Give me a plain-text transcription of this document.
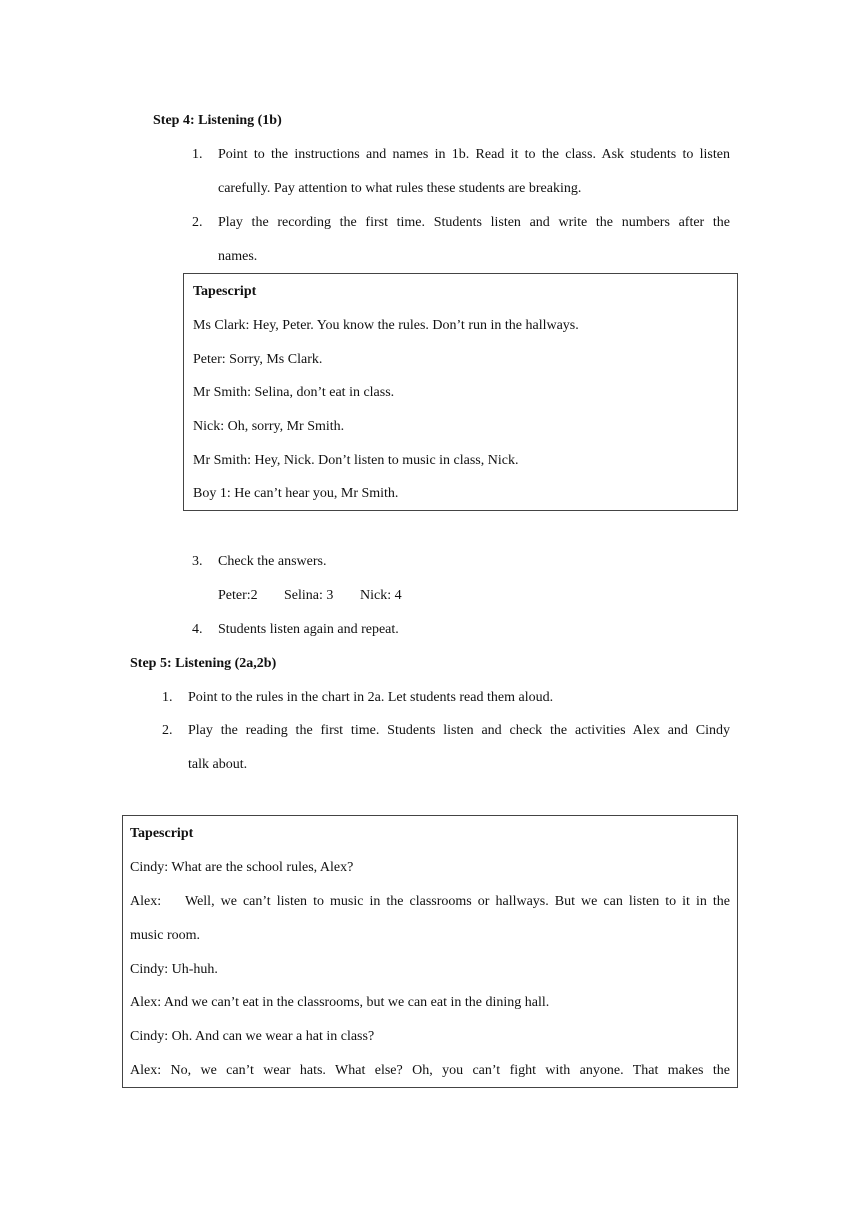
Step 4: Listening (1b)
1. Point to the instructions and names in 1b. Read it to the class. Ask students to listen
carefully. Pay attention to what rules these students are breaking.
2. Play the recording the first time. Students listen and write the numbers after the
names.
Tapescript
Ms Clark: Hey, Peter. You know the rules. Don’t run in the hallways.
Peter: Sorry, Ms Clark.
Mr Smith: Selina, don’t eat in class.
Nick: Oh, sorry, Mr Smith.
Mr Smith: Hey, Nick. Don’t listen to music in class, Nick.
Boy 1: He can’t hear you, Mr Smith.
3. Check the answers.
Peter:2 Selina: 3 Nick: 4
4. Students listen again and repeat.
Step 5: Listening (2a,2b)
1. Point to the rules in the chart in 2a. Let students read them aloud.
2. Play the reading the first time. Students listen and check the activities Alex and Cindy
talk about.
Tapescript
Cindy: What are the school rules, Alex?
Alex:    Well, we can’t listen to music in the classrooms or hallways. But we can listen to it in the
music room.
Cindy: Uh-huh.
Alex: And we can’t eat in the classrooms, but we can eat in the dining hall.
Cindy: Oh. And can we wear a hat in class?
Alex: No, we can’t wear hats. What else? Oh, you can’t fight with anyone. That makes the
